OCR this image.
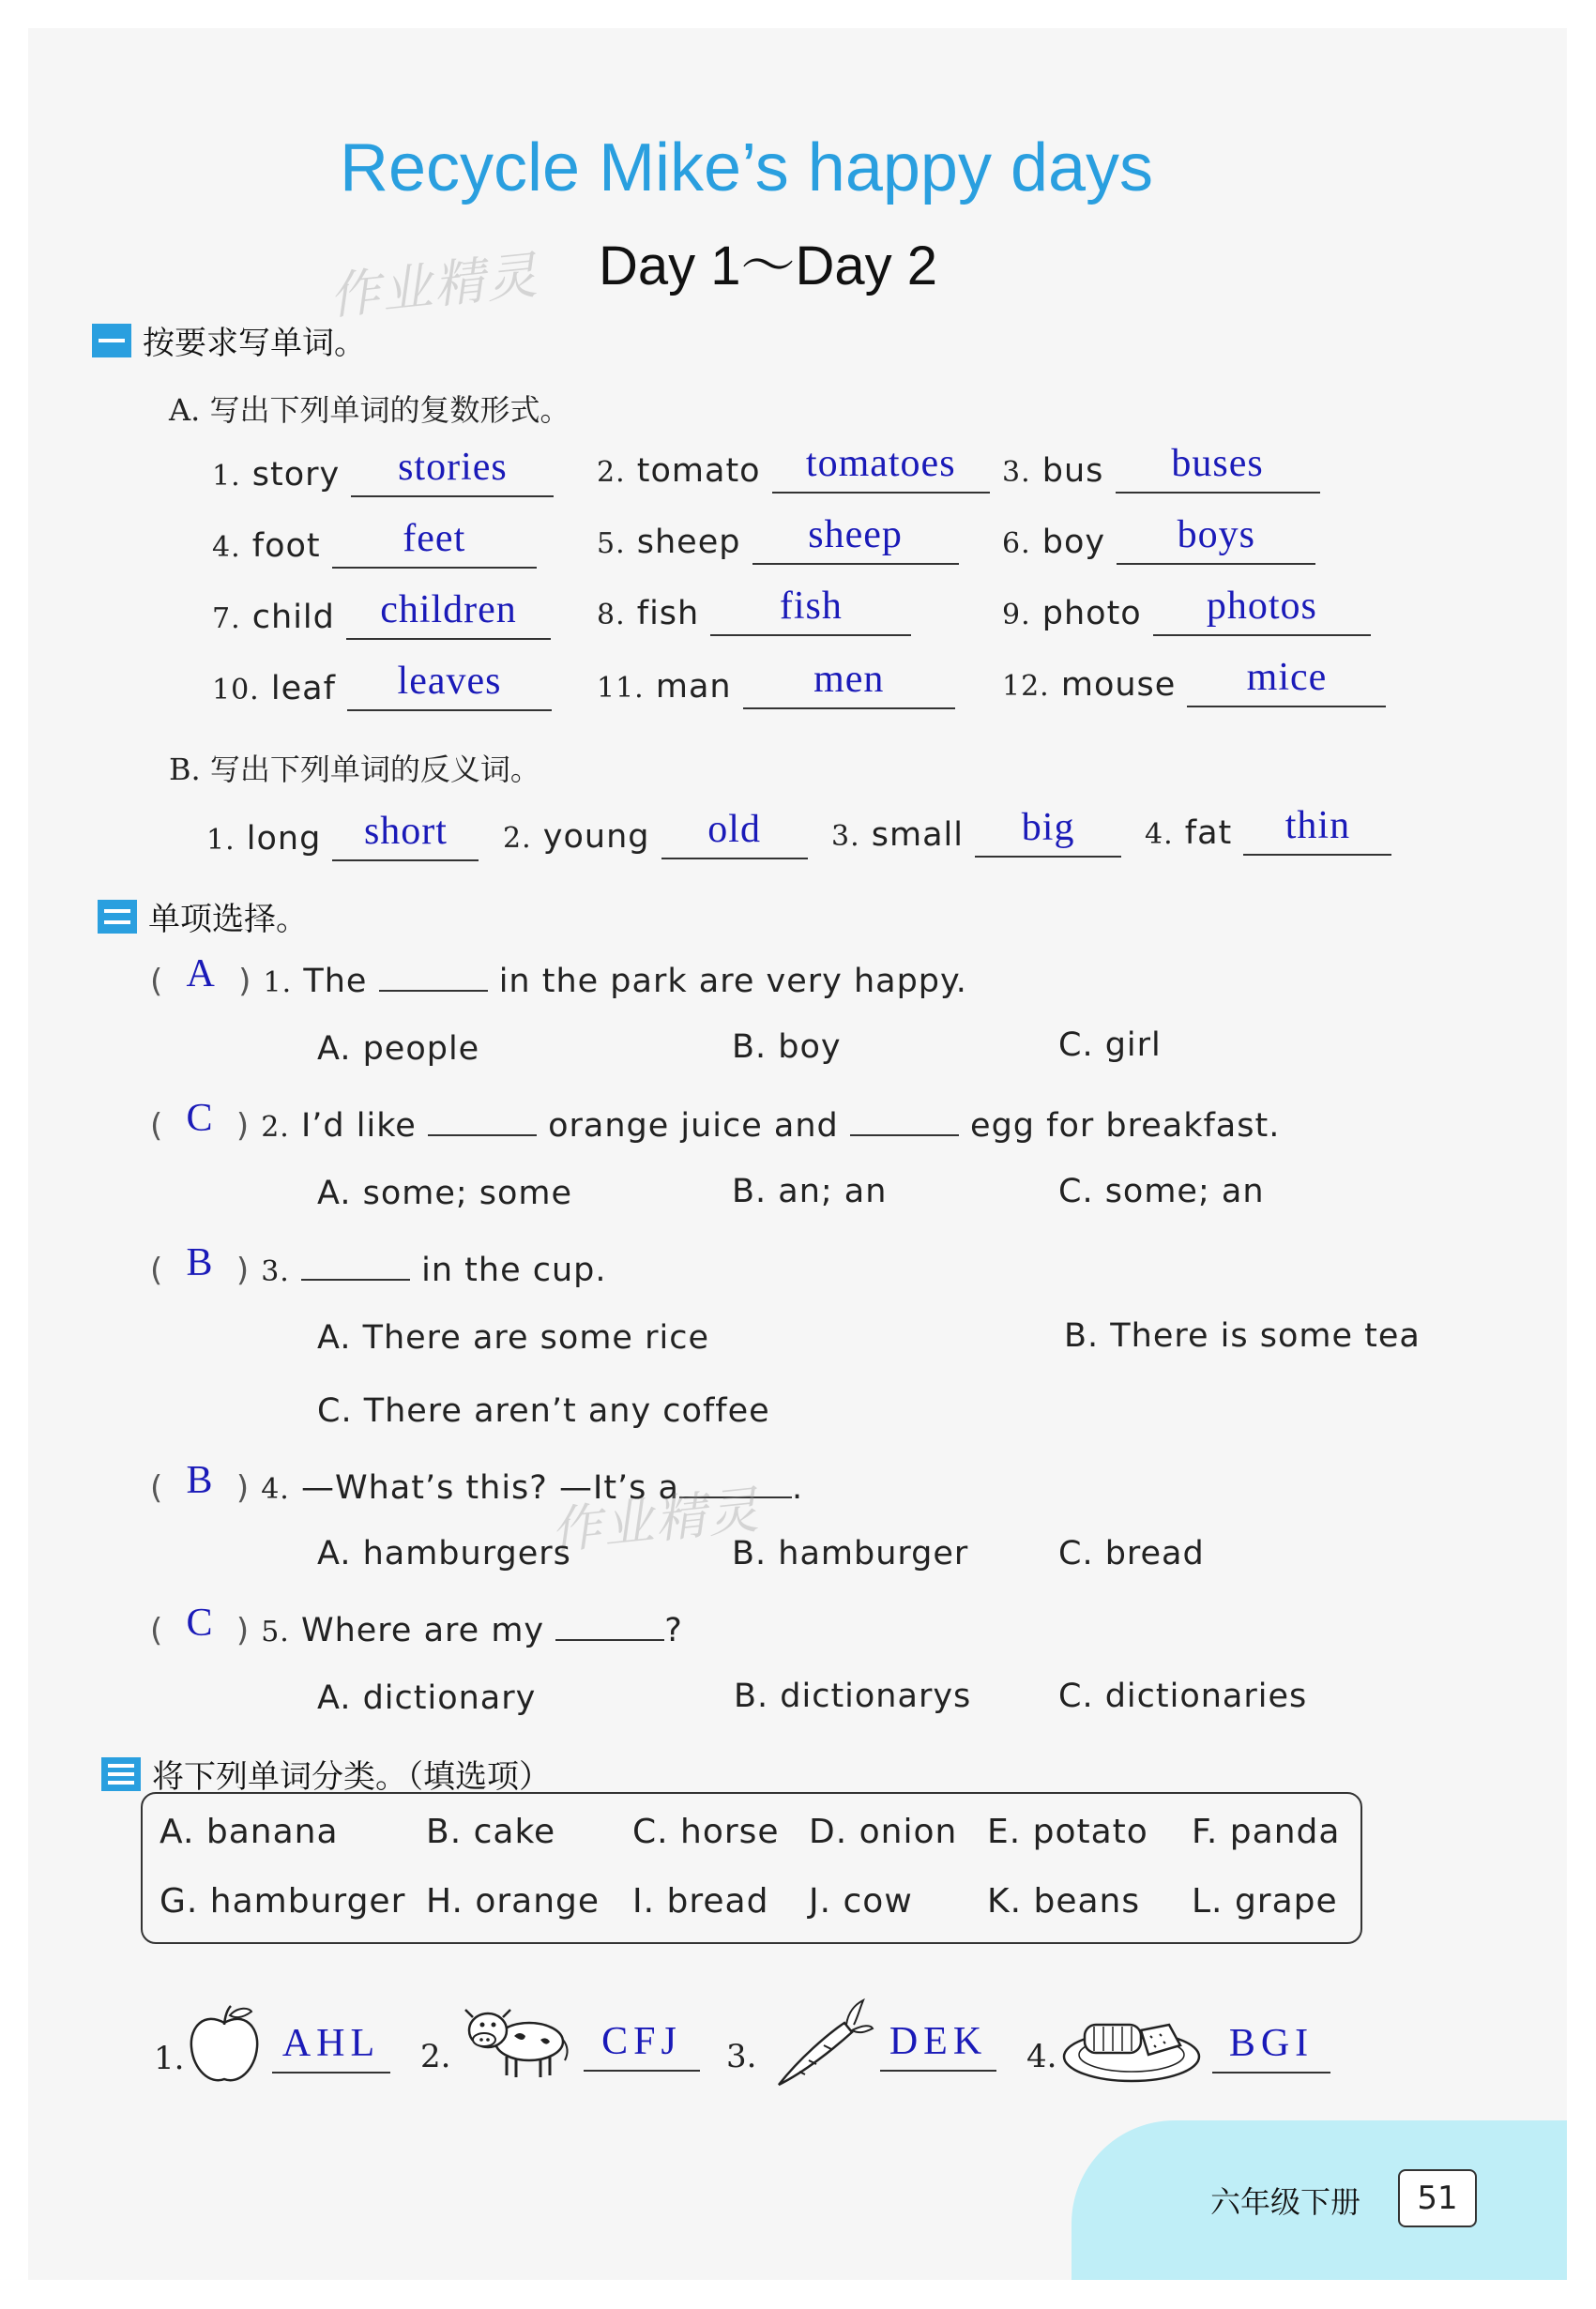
Recycle Mike’s happy days
Day 1～Day 2
作业精灵
按要求写单词。
A. 写出下列单词的复数形式。
1. story stories	2. tomato tomatoes	3. bus buses
4. foot feet	5. sheep sheep	6. boy boys
7. child children	8. fish fish	9. photo photos
10. leaf leaves	11. man men	12. mouse mice
B. 写出下列单词的反义词。
1. long short	2. young old	3. small big	4. fat thin
单项选择。
( A ) 1. The	in the park are very happy.
A. people	B. boy	C. girl
( C ) 2. I’d like	orange juice and	egg for breakfast.
A. some; some	B. an; an	C. some; an
( B ) 3.	in the cup.
A. There are some rice	B. There is some tea
C. There aren’t any coffee
( B ) 4. —What’s this? —It’s a	.
作业精灵
A. hamburgers	B. hamburger	C. bread
( C ) 5. Where are my	?
A. dictionary	B. dictionarys	C. dictionaries
将下列单词分类。（填选项）
A. banana	B. cake C. horse D. onion E. potato F. panda
G. hamburger H. orange I. bread J. cow K. beans L. grape
1. AHL	2.	CFJ	3.	DEK 4.	BGI
六年级下册	51
